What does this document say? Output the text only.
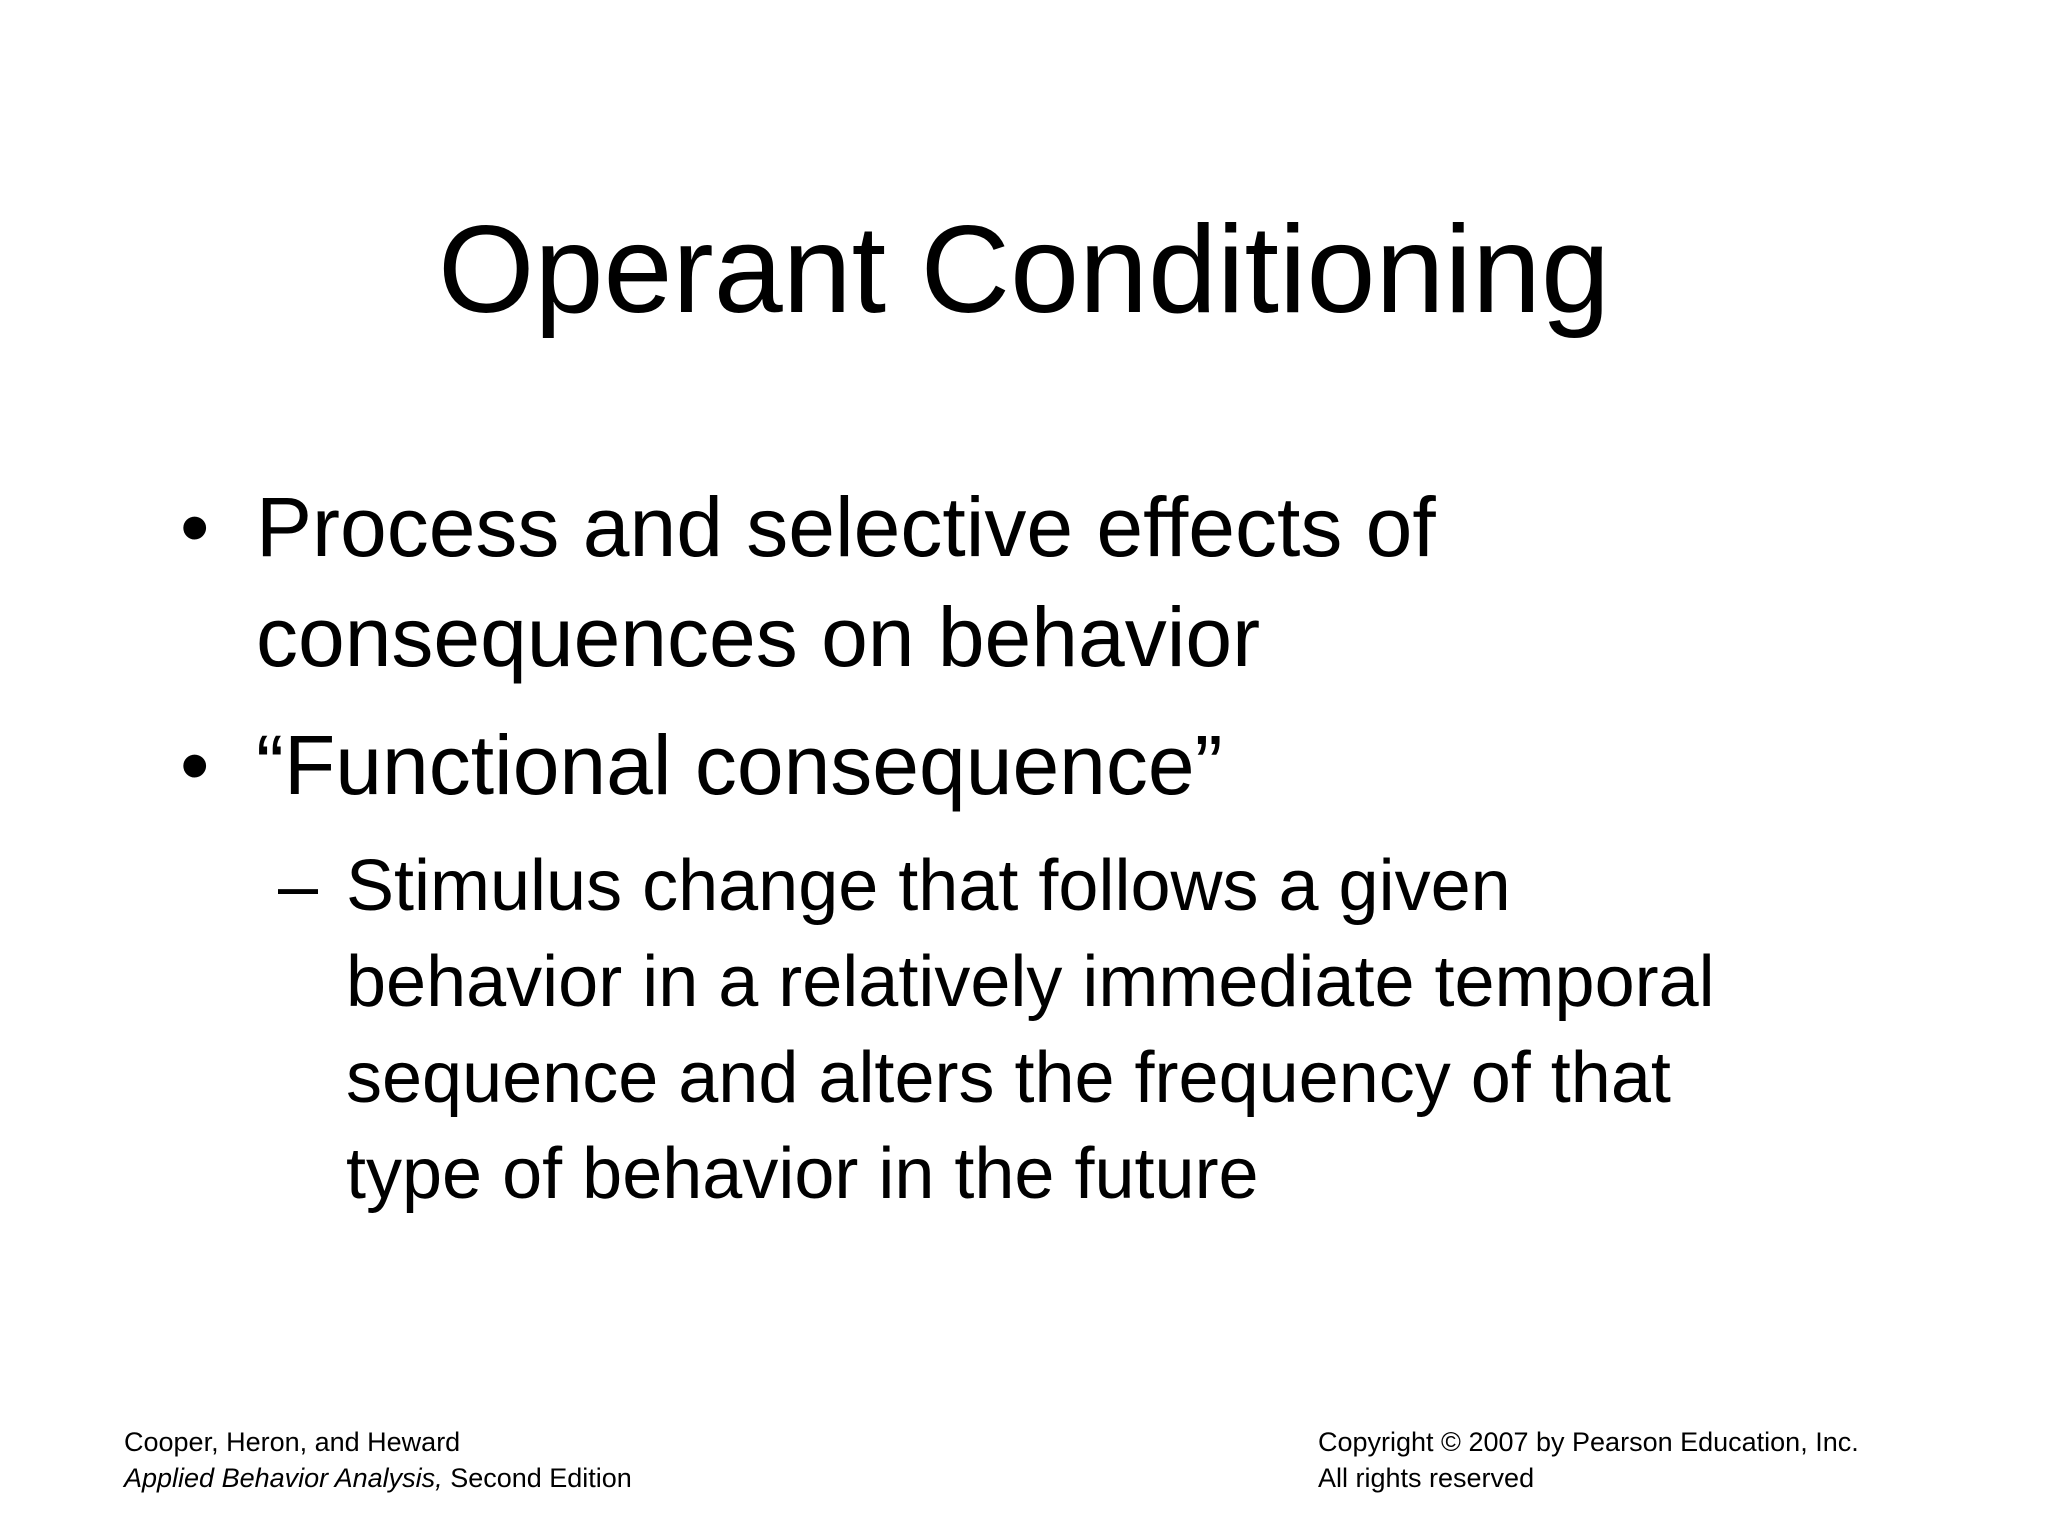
Operant Conditioning
• Process and selective effects of
consequences on behavior
• “Functional consequence”
– Stimulus change that follows a given
behavior in a relatively immediate temporal
sequence and alters the frequency of that
type of behavior in the future
Cooper, Heron, and Heward
Applied Behavior Analysis, Second Edition
Copyright © 2007 by Pearson Education, Inc.
All rights reserved
